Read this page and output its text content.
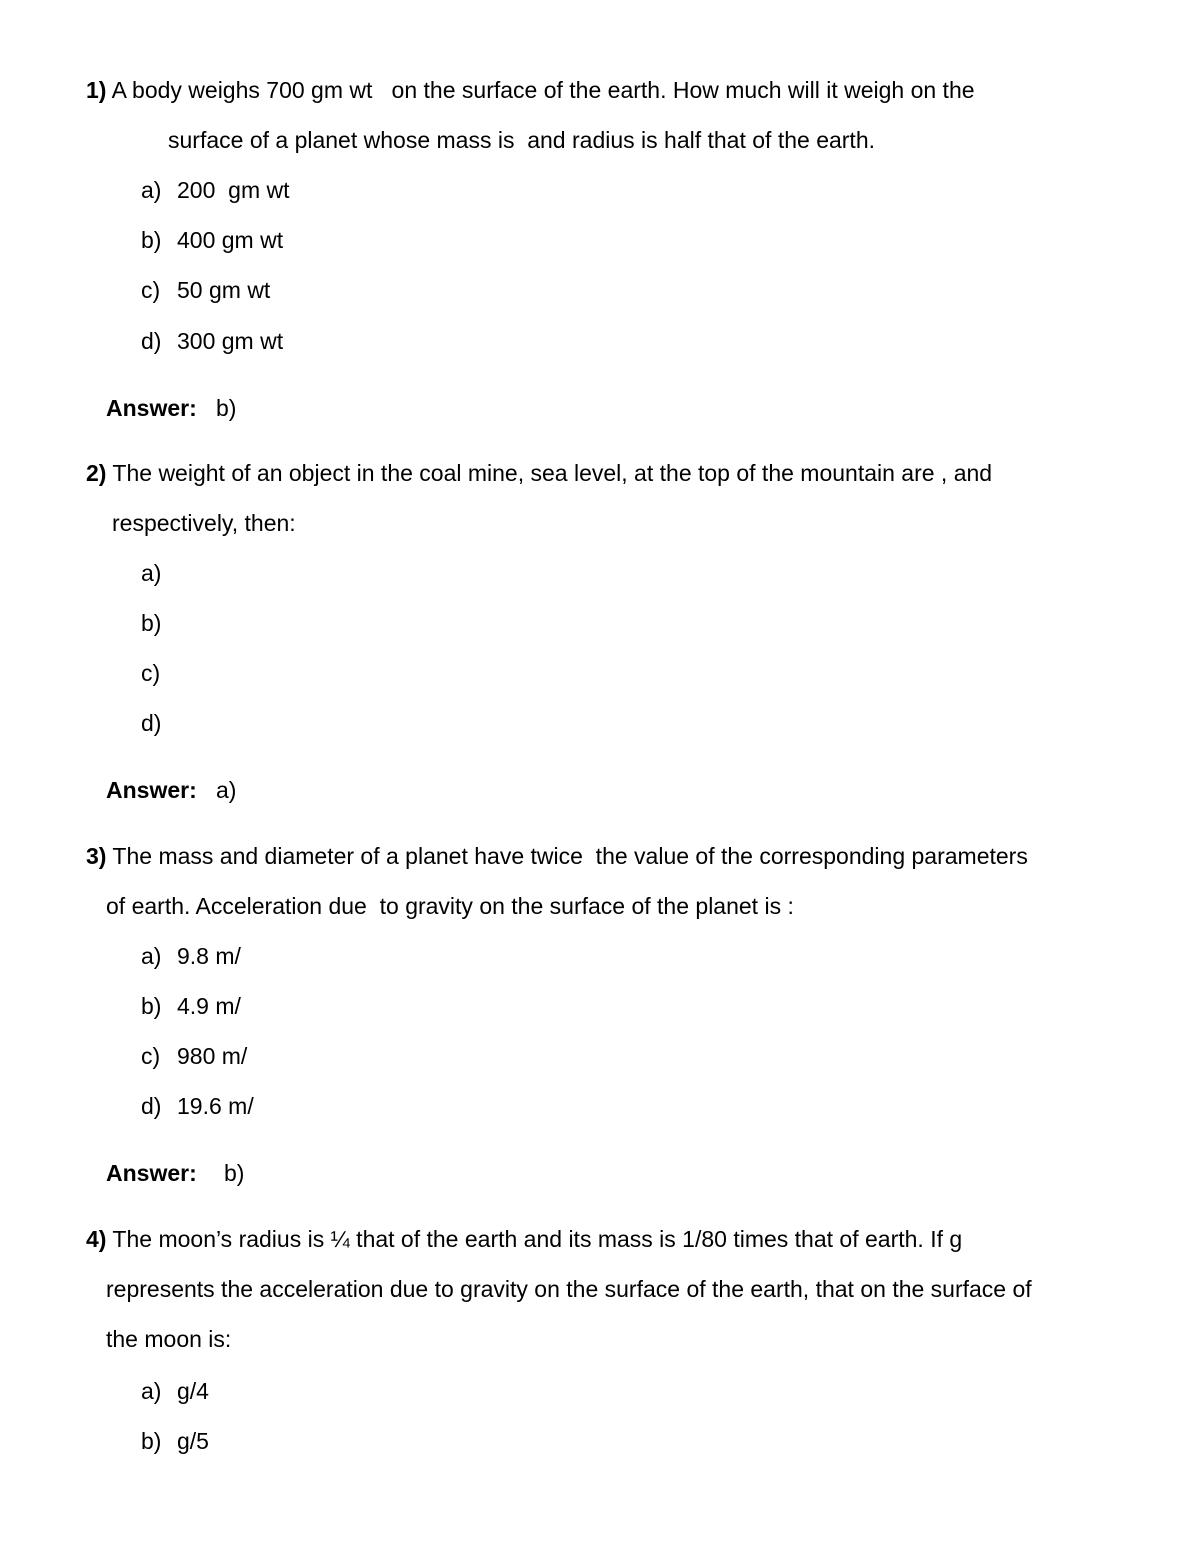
1) A body weighs 700 gm wt   on the surface of the earth. How much will it weigh on the
surface of a planet whose mass is  and radius is half that of the earth.
a) 200  gm wt
b) 400 gm wt
c) 50 gm wt
d) 300 gm wt
Answer: b)
2) The weight of an object in the coal mine, sea level, at the top of the mountain are , and
respectively, then:
a)
b)
c)
d)
Answer: a)
3) The mass and diameter of a planet have twice  the value of the corresponding parameters
of earth. Acceleration due  to gravity on the surface of the planet is :
a) 9.8 m/
b) 4.9 m/
c) 980 m/
d) 19.6 m/
Answer: b)
4) The moon’s radius is ¼ that of the earth and its mass is 1/80 times that of earth. If g
represents the acceleration due to gravity on the surface of the earth, that on the surface of
the moon is:
a) g/4
b) g/5
